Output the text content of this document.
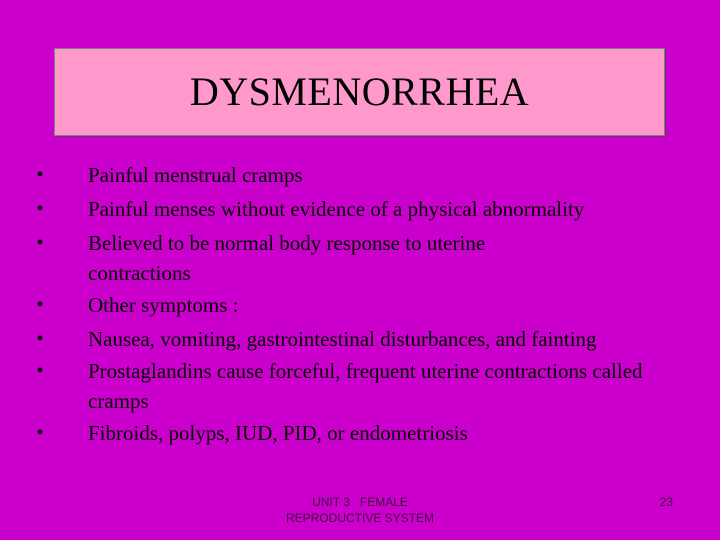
DYSMENORRHEA
•	Painful menstrual cramps
•	Painful menses without evidence of a physical abnormality
•	Believed to be normal body response to uterine contractions
•	Other symptoms :
•	Nausea, vomiting, gastrointestinal disturbances, and fainting
•	Prostaglandins cause forceful, frequent uterine contractions called cramps
•	Fibroids, polyps, IUD, PID, or endometriosis
UNIT 3   FEMALE
REPRODUCTIVE SYSTEM
23
